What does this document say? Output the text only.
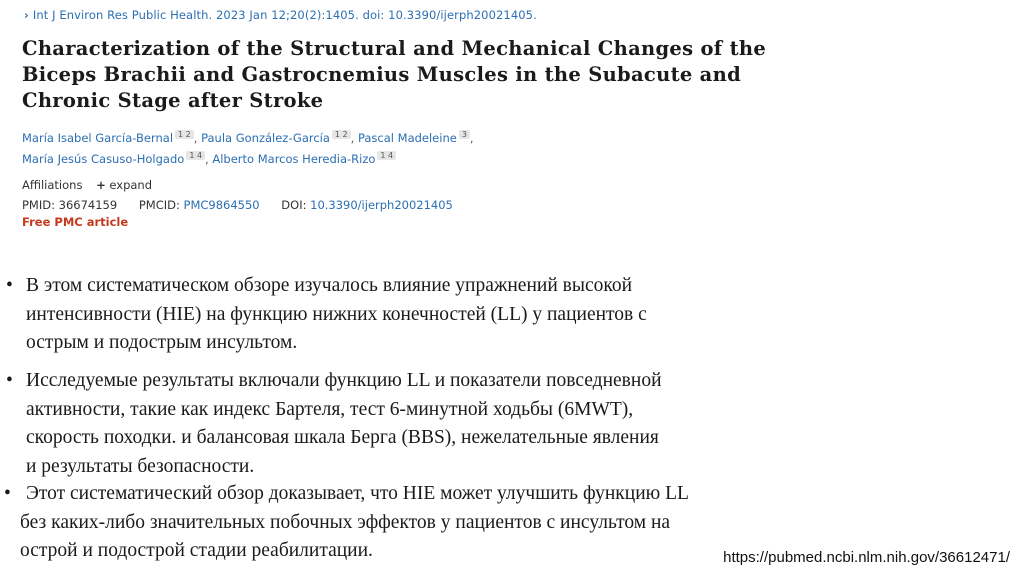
› Int J Environ Res Public Health. 2023 Jan 12;20(2):1405. doi: 10.3390/ijerph20021405.
Characterization of the Structural and Mechanical Changes of the Biceps Brachii and Gastrocnemius Muscles in the Subacute and Chronic Stage after Stroke
María Isabel García-Bernal $^{1 2}$ , Paula González-García $^{1 2}$ , Pascal Madeleine $^3$ ,
María Jesús Casuso-Holgado $^{1 4}$ , Alberto Marcos Heredia-Rizo $^{1 4}$
Affiliations + expand
PMID: 36674159 PMCID: PMC9864550 DOI: 10.3390/ijerph20021405
Free PMC article
• В этом систематическом обзоре изучалось влияние упражнений высокой
интенсивности (HIE) на функцию нижних конечностей (LL) у пациентов с
острым и подострым инсультом.
• Исследуемые результаты включали функцию LL и показатели повседневной
активности, такие как индекс Бартеля, тест 6-минутной ходьбы (6MWT),
скорость походки. и балансовая шкала Берга (BBS), нежелательные явления
и результаты безопасности.
• Этот систематический обзор доказывает, что HIE может улучшить функцию LL
без каких-либо значительных побочных эффектов у пациентов с инсультом на
острой и подострой стадии реабилитации.	https://pubmed.ncbi.nlm.nih.gov/36612471/
